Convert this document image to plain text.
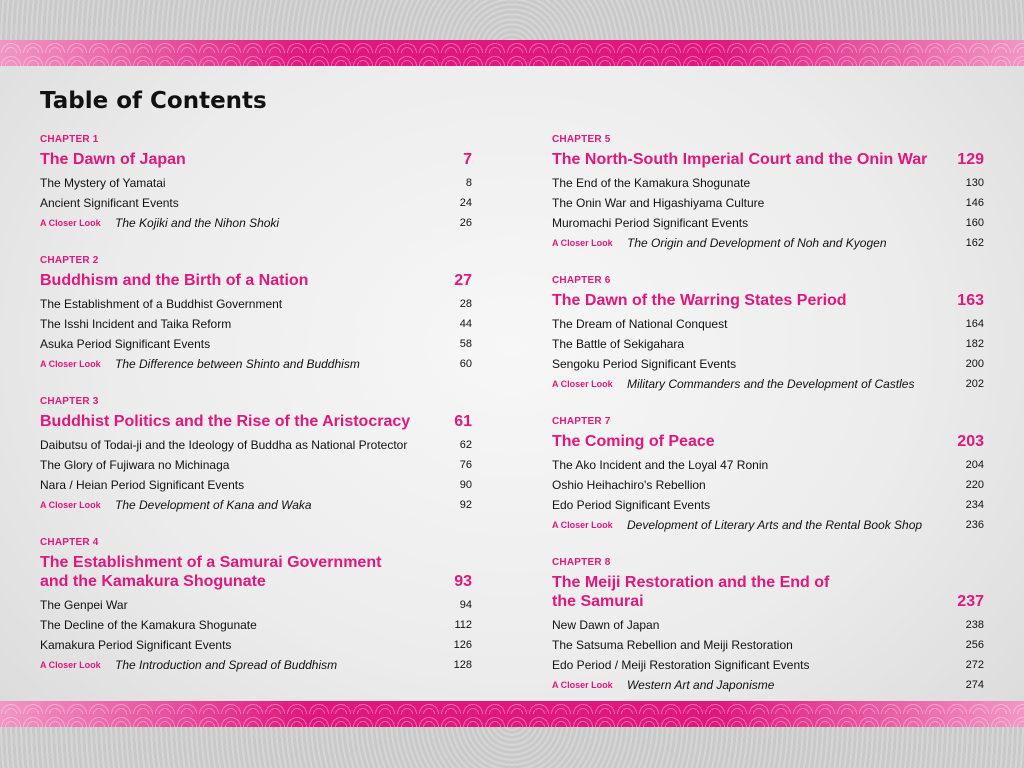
Table of Contents
CHAPTER 1
The Dawn of Japan	7
The Mystery of Yamatai	8
Ancient Significant Events	24
A Closer Look	The Kojiki and the Nihon Shoki	26
CHAPTER 2
Buddhism and the Birth of a Nation	27
The Establishment of a Buddhist Government	28
The Isshi Incident and Taika Reform	44
Asuka Period Significant Events	58
A Closer Look	The Difference between Shinto and Buddhism	60
CHAPTER 3
Buddhist Politics and the Rise of the Aristocracy	61
Daibutsu of Todai-ji and the Ideology of Buddha as National Protector	62
The Glory of Fujiwara no Michinaga	76
Nara / Heian Period Significant Events	90
A Closer Look	The Development of Kana and Waka	92
CHAPTER 4
The Establishment of a Samurai Government
and the Kamakura Shogunate	93
The Genpei War	94
The Decline of the Kamakura Shogunate	112
Kamakura Period Significant Events	126
A Closer Look	The Introduction and Spread of Buddhism	128
CHAPTER 5
The North-South Imperial Court and the Onin War 129
The End of the Kamakura Shogunate	130
The Onin War and Higashiyama Culture	146
Muromachi Period Significant Events	160
A Closer Look	The Origin and Development of Noh and Kyogen	162
CHAPTER 6
The Dawn of the Warring States Period	163
The Dream of National Conquest	164
The Battle of Sekigahara	182
Sengoku Period Significant Events	200
A Closer Look	Military Commanders and the Development of Castles	202
CHAPTER 7
The Coming of Peace	203
The Ako Incident and the Loyal 47 Ronin	204
Oshio Heihachiro's Rebellion	220
Edo Period Significant Events	234
A Closer Look	Development of Literary Arts and the Rental Book Shop	236
CHAPTER 8
The Meiji Restoration and the End of
the Samurai	237
New Dawn of Japan	238
The Satsuma Rebellion and Meiji Restoration	256
Edo Period / Meiji Restoration Significant Events	272
A Closer Look	Western Art and Japonisme	274
